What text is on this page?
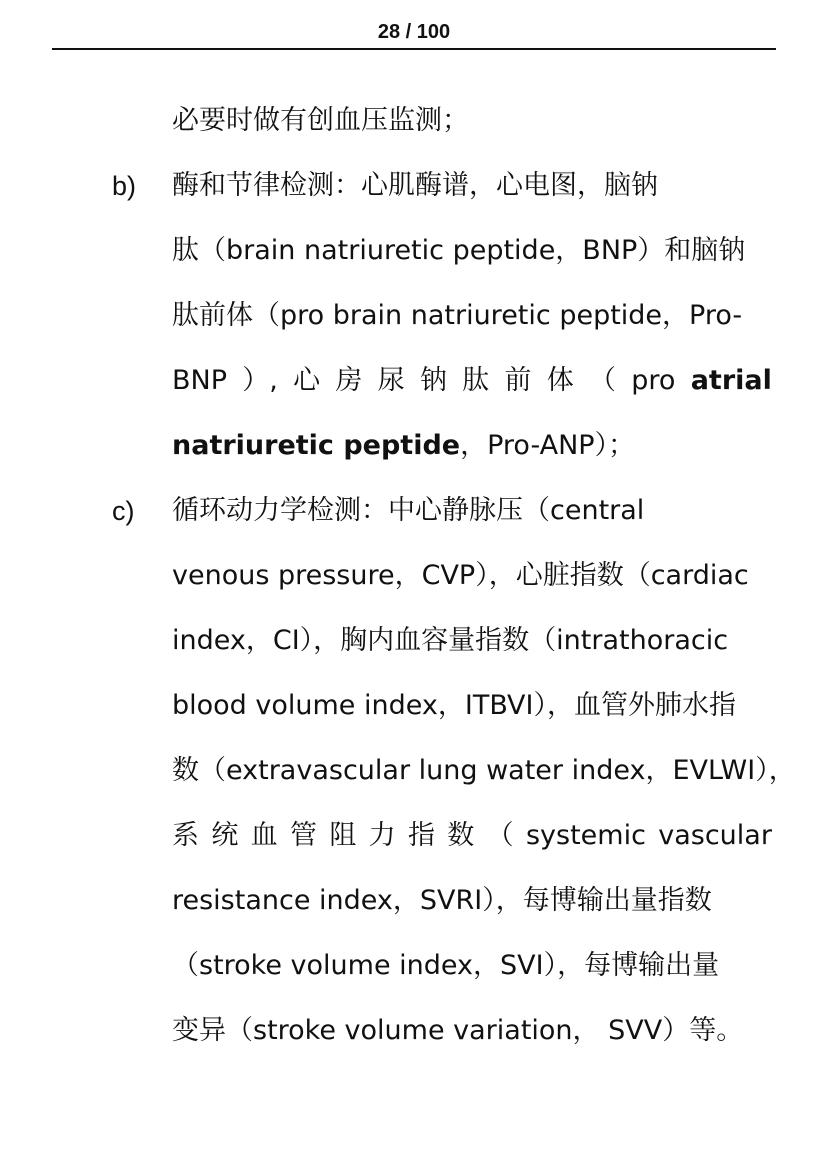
28 / 100
必要时做有创血压监测；
b)	酶和节律检测：心肌酶谱，心电图，脑钠
肽（brain natriuretic peptide，BNP）和脑钠
肽前体（pro brain natriuretic peptide，Pro-
BNP ）, 心 房 尿 钠 肽 前 体 （ pro atrial
natriuretic peptide，Pro-ANP）；
c)	循环动力学检测：中心静脉压（central
venous pressure，CVP），心脏指数（cardiac
index，CI），胸内血容量指数（intrathoracic
blood volume index，ITBVI），血管外肺水指
数（extravascular lung water index，EVLWI），
系 统 血 管 阻 力 指 数 （ systemic vascular
resistance index，SVRI），每博输出量指数
（stroke volume index，SVI），每博输出量
变异（stroke volume variation， SVV）等。
